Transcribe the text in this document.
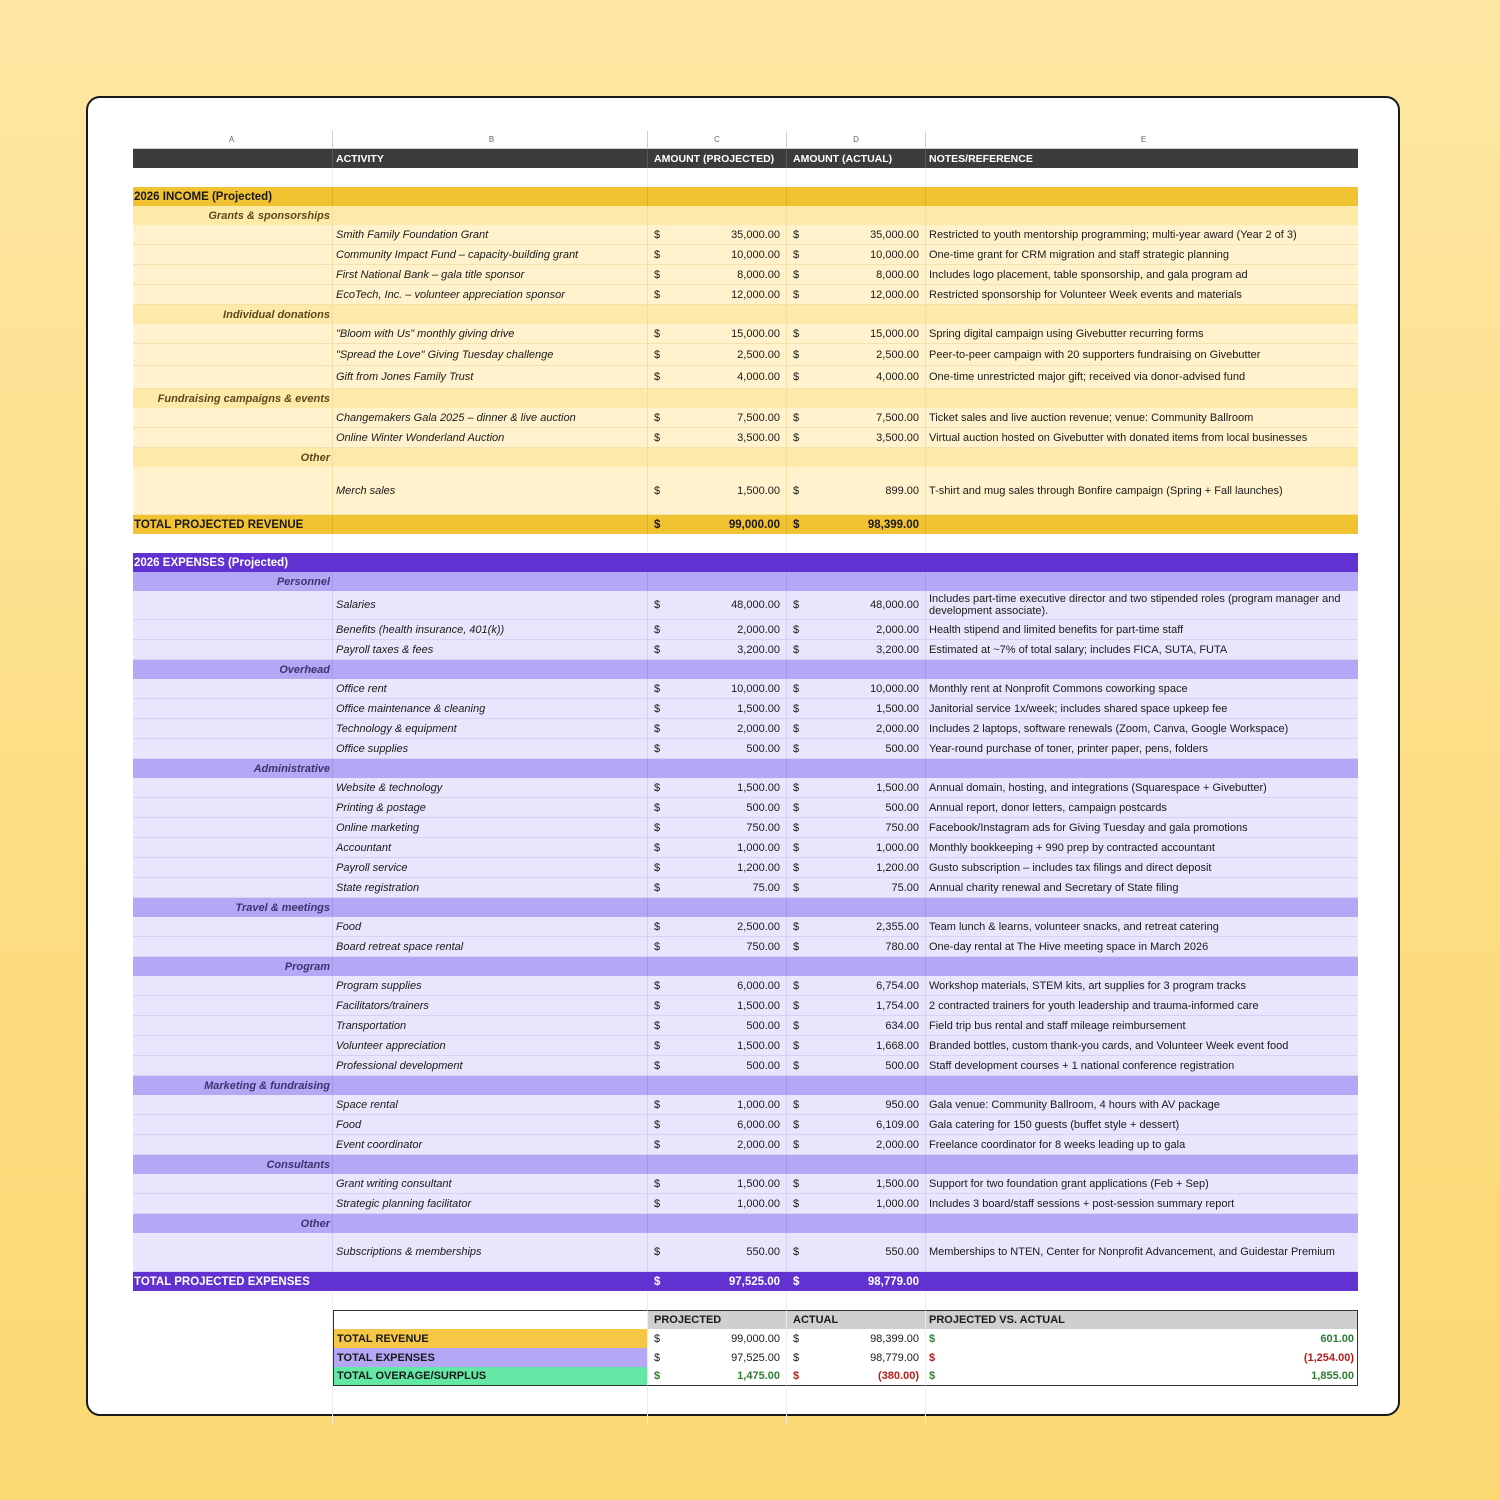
A	B	C	D	E
ACTIVITY	AMOUNT (PROJECTED)	AMOUNT (ACTUAL)	NOTES/REFERENCE
2026 INCOME (Projected)
Grants & sponsorships
Smith Family Foundation Grant	$	35,000.00 $	35,000.00 Restricted to youth mentorship programming; multi-year award (Year 2 of 3)
Community Impact Fund – capacity-building grant	$	10,000.00 $	10,000.00 One-time grant for CRM migration and staff strategic planning
First National Bank – gala title sponsor	$	8,000.00 $	8,000.00 Includes logo placement, table sponsorship, and gala program ad
EcoTech, Inc. – volunteer appreciation sponsor	$	12,000.00 $	12,000.00 Restricted sponsorship for Volunteer Week events and materials
Individual donations
"Bloom with Us" monthly giving drive	$	15,000.00 $	15,000.00 Spring digital campaign using Givebutter recurring forms
"Spread the Love" Giving Tuesday challenge	$	2,500.00 $	2,500.00 Peer-to-peer campaign with 20 supporters fundraising on Givebutter
Gift from Jones Family Trust	$	4,000.00 $	4,000.00 One-time unrestricted major gift; received via donor-advised fund
Fundraising campaigns & events
Changemakers Gala 2025 – dinner & live auction	$	7,500.00 $	7,500.00 Ticket sales and live auction revenue; venue: Community Ballroom
Online Winter Wonderland Auction	$	3,500.00 $	3,500.00 Virtual auction hosted on Givebutter with donated items from local businesses
Other
Merch sales	$	1,500.00 $	899.00 T-shirt and mug sales through Bonfire campaign (Spring + Fall launches)
TOTAL PROJECTED REVENUE	$	99,000.00 $	98,399.00
2026 EXPENSES (Projected)
Personnel
Salaries	$	48,000.00 $	48,000.00 Includes part-time executive director and two stipended roles (program manager and development associate).
Benefits (health insurance, 401(k))	$	2,000.00 $	2,000.00 Health stipend and limited benefits for part-time staff
Payroll taxes & fees	$	3,200.00 $	3,200.00 Estimated at ~7% of total salary; includes FICA, SUTA, FUTA
Overhead
Office rent	$	10,000.00 $	10,000.00 Monthly rent at Nonprofit Commons coworking space
Office maintenance & cleaning	$	1,500.00 $	1,500.00 Janitorial service 1x/week; includes shared space upkeep fee
Technology & equipment	$	2,000.00 $	2,000.00 Includes 2 laptops, software renewals (Zoom, Canva, Google Workspace)
Office supplies	$	500.00 $	500.00 Year-round purchase of toner, printer paper, pens, folders
Administrative
Website & technology	$	1,500.00 $	1,500.00 Annual domain, hosting, and integrations (Squarespace + Givebutter)
Printing & postage	$	500.00 $	500.00 Annual report, donor letters, campaign postcards
Online marketing	$	750.00 $	750.00 Facebook/Instagram ads for Giving Tuesday and gala promotions
Accountant	$	1,000.00 $	1,000.00 Monthly bookkeeping + 990 prep by contracted accountant
Payroll service	$	1,200.00 $	1,200.00 Gusto subscription – includes tax filings and direct deposit
State registration	$	75.00 $	75.00 Annual charity renewal and Secretary of State filing
Travel & meetings
Food	$	2,500.00 $	2,355.00 Team lunch & learns, volunteer snacks, and retreat catering
Board retreat space rental	$	750.00 $	780.00 One-day rental at The Hive meeting space in March 2026
Program
Program supplies	$	6,000.00 $	6,754.00 Workshop materials, STEM kits, art supplies for 3 program tracks
Facilitators/trainers	$	1,500.00 $	1,754.00 2 contracted trainers for youth leadership and trauma-informed care
Transportation	$	500.00 $	634.00 Field trip bus rental and staff mileage reimbursement
Volunteer appreciation	$	1,500.00 $	1,668.00 Branded bottles, custom thank-you cards, and Volunteer Week event food
Professional development	$	500.00 $	500.00 Staff development courses + 1 national conference registration
Marketing & fundraising
Space rental	$	1,000.00 $	950.00 Gala venue: Community Ballroom, 4 hours with AV package
Food	$	6,000.00 $	6,109.00 Gala catering for 150 guests (buffet style + dessert)
Event coordinator	$	2,000.00 $	2,000.00 Freelance coordinator for 8 weeks leading up to gala
Consultants
Grant writing consultant	$	1,500.00 $	1,500.00 Support for two foundation grant applications (Feb + Sep)
Strategic planning facilitator	$	1,000.00 $	1,000.00 Includes 3 board/staff sessions + post-session summary report
Other
Subscriptions & memberships	$	550.00 $	550.00 Memberships to NTEN, Center for Nonprofit Advancement, and Guidestar Premium
TOTAL PROJECTED EXPENSES	$	97,525.00 $	98,779.00
PROJECTED	ACTUAL	PROJECTED VS. ACTUAL
TOTAL REVENUE	$	99,000.00 $	98,399.00 $	601.00
TOTAL EXPENSES	$	97,525.00 $	98,779.00 $	(1,254.00)
TOTAL OVERAGE/SURPLUS	$	1,475.00 $	(380.00) $	1,855.00
